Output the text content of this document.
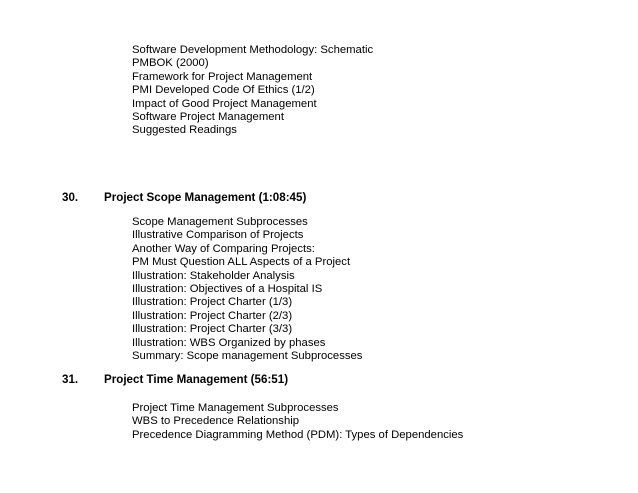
Software Development Methodology: Schematic
PMBOK (2000)
Framework for Project Management
PMI Developed Code Of Ethics (1/2)
Impact of Good Project Management
Software Project Management
Suggested Readings
30. Project Scope Management (1:08:45)
Scope Management Subprocesses
Illustrative Comparison of Projects
Another Way of Comparing Projects:
PM Must Question ALL Aspects of a Project
Illustration: Stakeholder Analysis
Illustration: Objectives of a Hospital IS
Illustration: Project Charter (1/3)
Illustration: Project Charter (2/3)
Illustration: Project Charter (3/3)
Illustration: WBS Organized by phases
Summary: Scope management Subprocesses
31. Project Time Management (56:51)
Project Time Management Subprocesses
WBS to Precedence Relationship
Precedence Diagramming Method (PDM): Types of Dependencies
